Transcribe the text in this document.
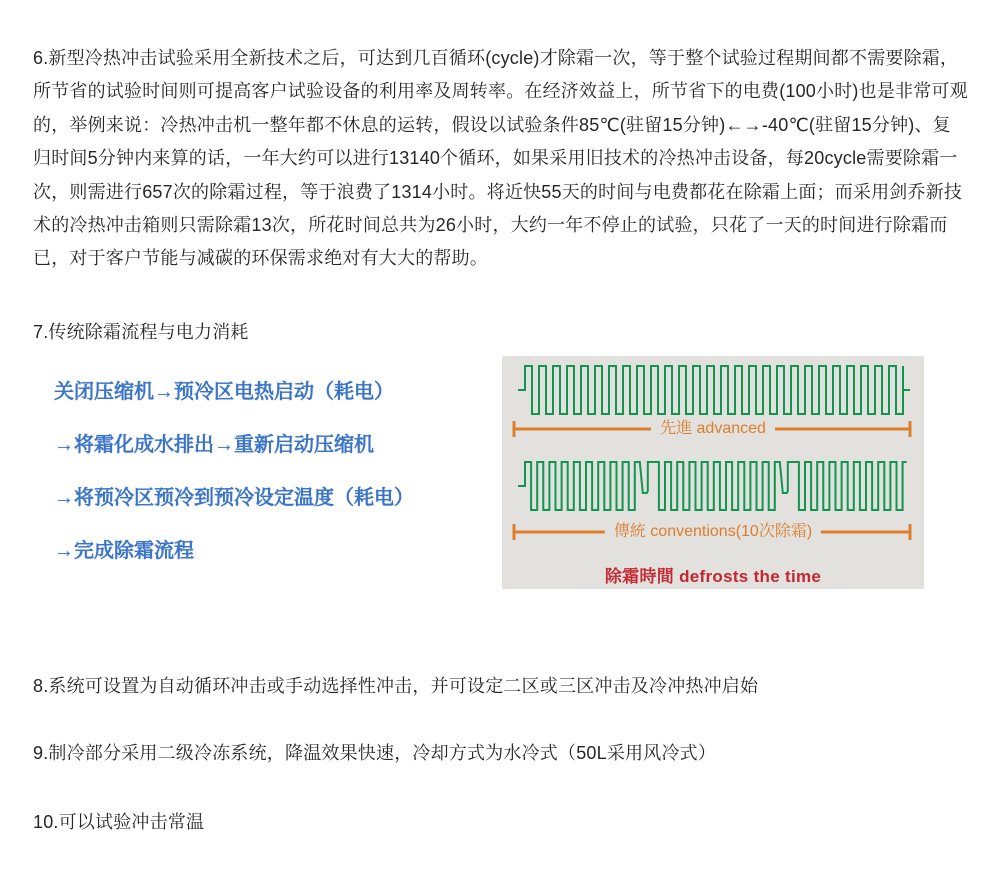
6.新型冷热冲击试验采用全新技术之后，可达到几百循环(cycle)才除霜一次，等于整个试验过程期间都不需要除霜，所节省的试验时间则可提高客户试验设备的利用率及周转率。在经济效益上，所节省下的电费(100小时)也是非常可观的，举例来说：冷热冲击机一整年都不休息的运转，假设以试验条件85℃(驻留15分钟)←→-40℃(驻留15分钟)、复归时间5分钟内来算的话，一年大约可以进行13140个循环，如果采用旧技术的冷热冲击设备，每20cycle需要除霜一次，则需进行657次的除霜过程，等于浪费了1314小时。将近快55天的时间与电费都花在除霜上面；而采用剑乔新技术的冷热冲击箱则只需除霜13次，所花时间总共为26小时，大约一年不停止的试验，只花了一天的时间进行除霜而已，对于客户节能与减碳的环保需求绝对有大大的帮助。

7.传统除霜流程与电力消耗

关闭压缩机→预冷区电热启动（耗电）
→将霜化成水排出→重新启动压缩机
→将预冷区预冷到预冷设定温度（耗电）
→完成除霜流程
先進 advanced
傳統 conventions(10次除霜)
除霜時間 defrosts the time

8.系统可设置为自动循环冲击或手动选择性冲击，并可设定二区或三区冲击及冷冲热冲启始

9.制冷部分采用二级冷冻系统，降温效果快速，冷却方式为水冷式（50L采用风冷式）

10.可以试验冲击常温
